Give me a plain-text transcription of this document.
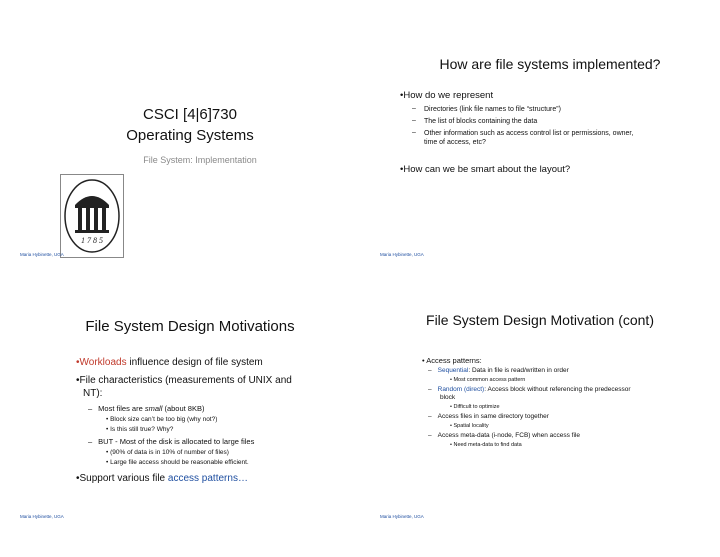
CSCI [4|6]730
Operating Systems
File System: Implementation
1 7 8 5
Maria Hybinette, UGA
How are file systems implemented?
•How do we represent
– Directories (link file names to file “structure”)
– The list of blocks containing the data
– Other information such as access control list or permissions, owner,
time of access, etc?
•How can we be smart about the layout?
Maria Hybinette, UGA
File System Design Motivations
•Workloads influence design of file system
•File characteristics (measurements of UNIX and
NT):
– Most files are small (about 8KB)
• Block size can’t be too big (why not?)
• Is this still true? Why?
– BUT - Most of the disk is allocated to large files
• (90% of data is in 10% of number of files)
• Large file access should be reasonable efficient.
•Support various file access patterns…
Maria Hybinette, UGA
File System Design Motivation (cont)
• Access patterns:
– Sequential: Data in file is read/written in order
• Most common access pattern
– Random (direct): Access block without referencing the predecessor
block
• Difficult to optimize
– Access files in same directory together
• Spatial locality
– Access meta-data (i-node, FCB) when access file
• Need meta-data to find data
Maria Hybinette, UGA
